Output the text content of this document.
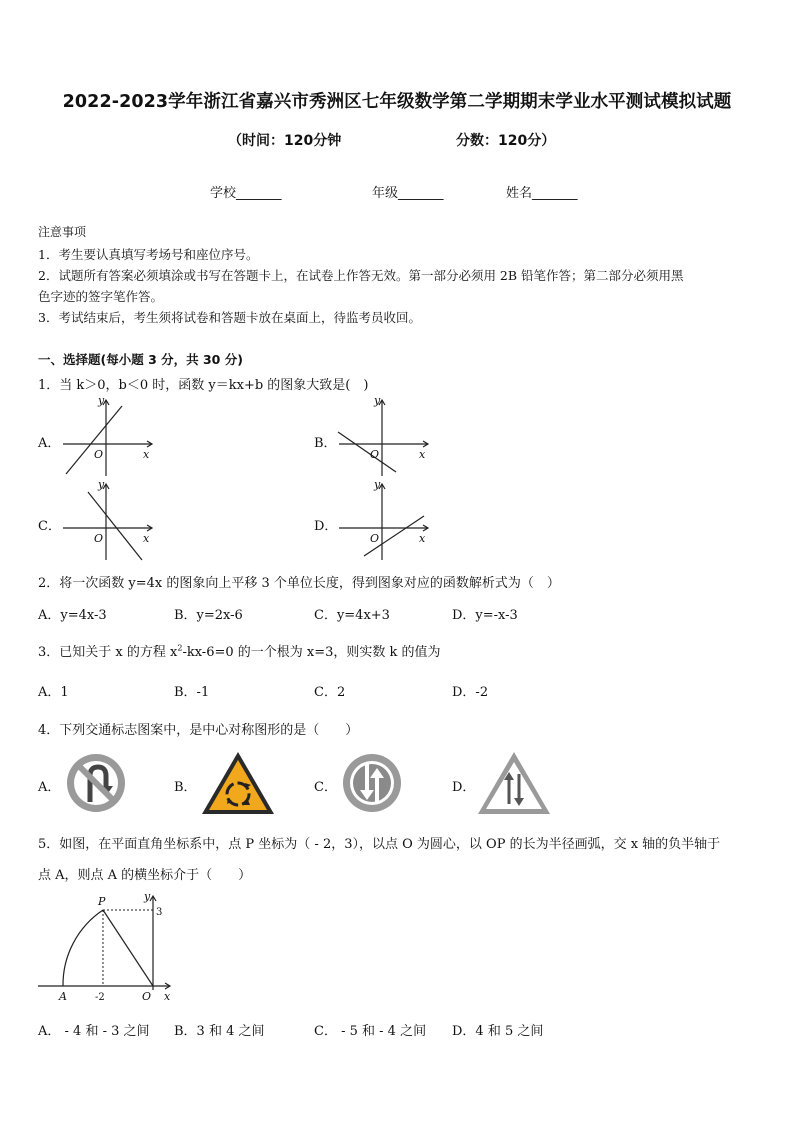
2022-2023学年浙江省嘉兴市秀洲区七年级数学第二学期期末学业水平测试模拟试题
（时间：120分钟	分数：120分）
学校_______	年级_______	姓名_______
注意事项
1．考生要认真填写考场号和座位序号。
2．试题所有答案必须填涂或书写在答题卡上，在试卷上作答无效。第一部分必须用 2B 铅笔作答；第二部分必须用黑
色字迹的签字笔作答。
3．考试结束后，考生须将试卷和答题卡放在桌面上，待监考员收回。
一、选择题(每小题 3 分，共 30 分)
1．当 k＞0，b＜0 时，函数 y＝kx+b 的图象大致是(　)
A．
y
x
O
B．
y
x
O
C．
y
x
O
D．
y
x
O
2．将一次函数 y=4x 的图象向上平移 3 个单位长度，得到图象对应的函数解析式为（　）
A．y=4x-3	B．y=2x-6	C．y=4x+3	D．y=-x-3
3．已知关于 x 的方程 $x^2-kx-6=0$ 的一个根为 x=3，则实数 k 的值为
A．1	B．-1	C．2	D．-2
4．下列交通标志图案中，是中心对称图形的是（　　）
A．	B．	C．	D．
5．如图，在平面直角坐标系中，点 P 坐标为（ - 2，3），以点 O 为圆心，以 OP 的长为半径画弧，交 x 轴的负半轴于
点 A，则点 A 的横坐标介于（　　）
P	y
3
A	-2	O x
A． - 4 和 - 3 之间 B．3 和 4 之间	C． - 5 和 - 4 之间 D．4 和 5 之间
